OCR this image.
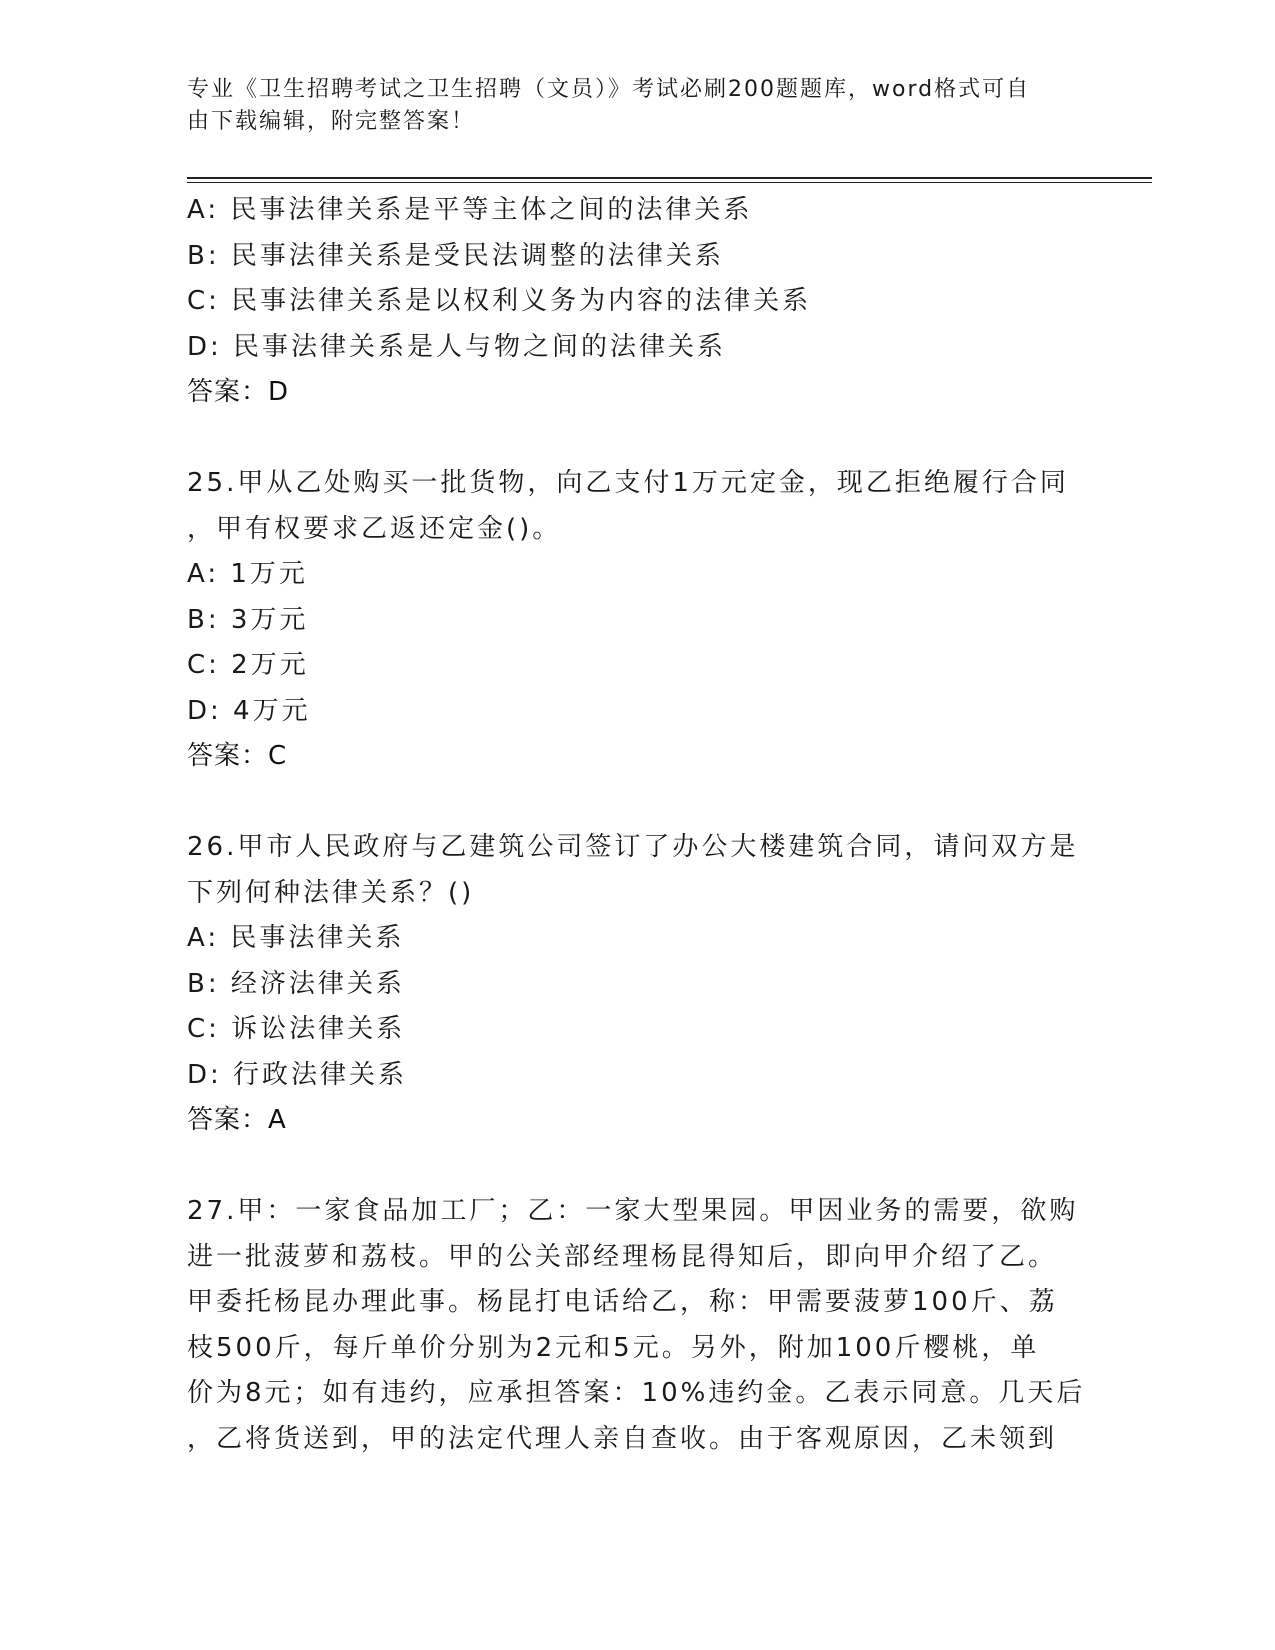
专业《卫生招聘考试之卫生招聘（文员）》考试必刷200题题库，word格式可自
由下载编辑，附完整答案！
A: 民事法律关系是平等主体之间的法律关系
B: 民事法律关系是受民法调整的法律关系
C: 民事法律关系是以权利义务为内容的法律关系
D: 民事法律关系是人与物之间的法律关系
答案：D
25.甲从乙处购买一批货物，向乙支付1万元定金，现乙拒绝履行合同
，甲有权要求乙返还定金()。
A: 1万元
B: 3万元
C: 2万元
D: 4万元
答案：C
26.甲市人民政府与乙建筑公司签订了办公大楼建筑合同，请问双方是
下列何种法律关系？()
A: 民事法律关系
B: 经济法律关系
C: 诉讼法律关系
D: 行政法律关系
答案：A
27.甲：一家食品加工厂；乙：一家大型果园。甲因业务的需要，欲购
进一批菠萝和荔枝。甲的公关部经理杨昆得知后，即向甲介绍了乙。
甲委托杨昆办理此事。杨昆打电话给乙，称：甲需要菠萝100斤、荔
枝500斤，每斤单价分别为2元和5元。另外，附加100斤樱桃，单
价为8元；如有违约，应承担答案：10%违约金。乙表示同意。几天后
，乙将货送到，甲的法定代理人亲自查收。由于客观原因，乙未领到
